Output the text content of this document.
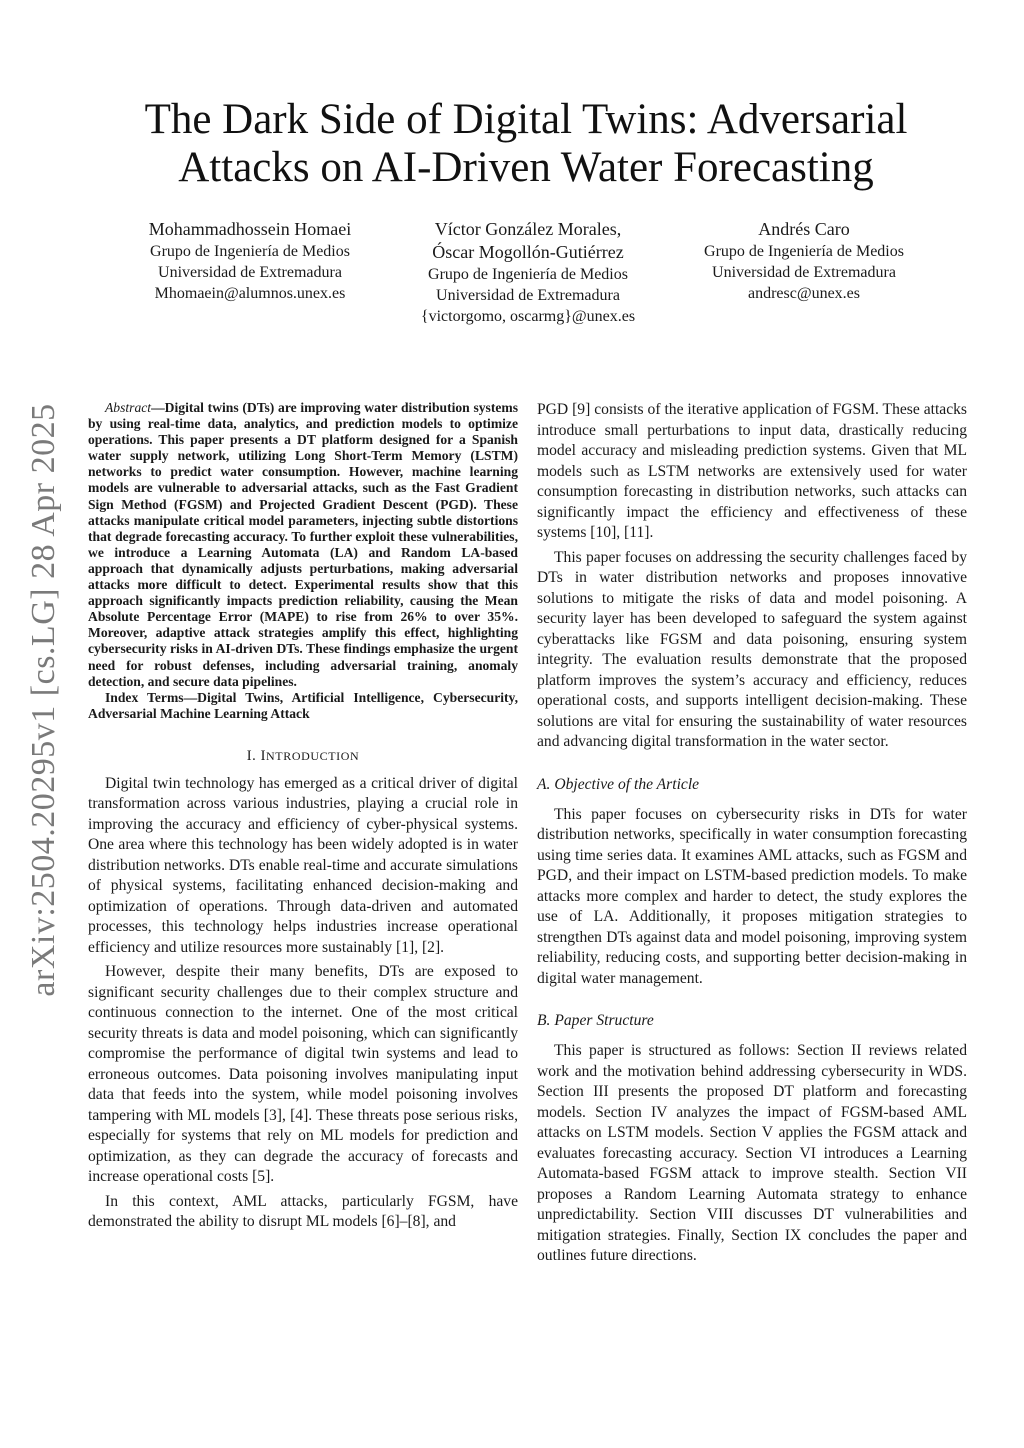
arXiv:2504.20295v1 [cs.LG] 28 Apr 2025
The Dark Side of Digital Twins: Adversarial
Attacks on AI-Driven Water Forecasting
Mohammadhossein Homaei
Grupo de Ingeniería de Medios
Universidad de Extremadura
Mhomaein@alumnos.unex.es
Víctor González Morales,
Óscar Mogollón-Gutiérrez
Grupo de Ingeniería de Medios
Universidad de Extremadura
{victorgomo, oscarmg}@unex.es
Andrés Caro
Grupo de Ingeniería de Medios
Universidad de Extremadura
andresc@unex.es

Abstract—Digital twins (DTs) are improving water distribution systems by using real-time data, analytics, and prediction models to optimize operations. This paper presents a DT platform designed for a Spanish water supply network, utilizing Long Short-Term Memory (LSTM) networks to predict water consumption. However, machine learning models are vulnerable to adversarial attacks, such as the Fast Gradient Sign Method (FGSM) and Projected Gradient Descent (PGD). These attacks manipulate critical model parameters, injecting subtle distortions that degrade forecasting accuracy. To further exploit these vulnerabilities, we introduce a Learning Automata (LA) and Random LA-based approach that dynamically adjusts perturbations, making adversarial attacks more difficult to detect. Experimental results show that this approach significantly impacts prediction reliability, causing the Mean Absolute Percentage Error (MAPE) to rise from 26% to over 35%. Moreover, adaptive attack strategies amplify this effect, highlighting cybersecurity risks in AI-driven DTs. These findings emphasize the urgent need for robust defenses, including adversarial training, anomaly detection, and secure data pipelines.

Index Terms—Digital Twins, Artificial Intelligence, Cybersecurity, Adversarial Machine Learning Attack

I. INTRODUCTION

Digital twin technology has emerged as a critical driver of digital transformation across various industries, playing a crucial role in improving the accuracy and efficiency of cyber-physical systems. One area where this technology has been widely adopted is in water distribution networks. DTs enable real-time and accurate simulations of physical systems, facilitating enhanced decision-making and optimization of operations. Through data-driven and automated processes, this technology helps industries increase operational efficiency and utilize resources more sustainably [1], [2].

However, despite their many benefits, DTs are exposed to significant security challenges due to their complex structure and continuous connection to the internet. One of the most critical security threats is data and model poisoning, which can significantly compromise the performance of digital twin systems and lead to erroneous outcomes. Data poisoning involves manipulating input data that feeds into the system, while model poisoning involves tampering with ML models [3], [4]. These threats pose serious risks, especially for systems that rely on ML models for prediction and optimization, as they can degrade the accuracy of forecasts and increase operational costs [5].

In this context, AML attacks, particularly FGSM, have demonstrated the ability to disrupt ML models [6]–[8], and

PGD [9] consists of the iterative application of FGSM. These attacks introduce small perturbations to input data, drastically reducing model accuracy and misleading prediction systems. Given that ML models such as LSTM networks are extensively used for water consumption forecasting in distribution networks, such attacks can significantly impact the efficiency and effectiveness of these systems [10], [11].

This paper focuses on addressing the security challenges faced by DTs in water distribution networks and proposes innovative solutions to mitigate the risks of data and model poisoning. A security layer has been developed to safeguard the system against cyberattacks like FGSM and data poisoning, ensuring system integrity. The evaluation results demonstrate that the proposed platform improves the system’s accuracy and efficiency, reduces operational costs, and supports intelligent decision-making. These solutions are vital for ensuring the sustainability of water resources and advancing digital transformation in the water sector.

A. Objective of the Article

This paper focuses on cybersecurity risks in DTs for water distribution networks, specifically in water consumption forecasting using time series data. It examines AML attacks, such as FGSM and PGD, and their impact on LSTM-based prediction models. To make attacks more complex and harder to detect, the study explores the use of LA. Additionally, it proposes mitigation strategies to strengthen DTs against data and model poisoning, improving system reliability, reducing costs, and supporting better decision-making in digital water management.

B. Paper Structure

This paper is structured as follows: Section II reviews related work and the motivation behind addressing cybersecurity in WDS. Section III presents the proposed DT platform and forecasting models. Section IV analyzes the impact of FGSM-based AML attacks on LSTM models. Section V applies the FGSM attack and evaluates forecasting accuracy. Section VI introduces a Learning Automata-based FGSM attack to improve stealth. Section VII proposes a Random Learning Automata strategy to enhance unpredictability. Section VIII discusses DT vulnerabilities and mitigation strategies. Finally, Section IX concludes the paper and outlines future directions.
